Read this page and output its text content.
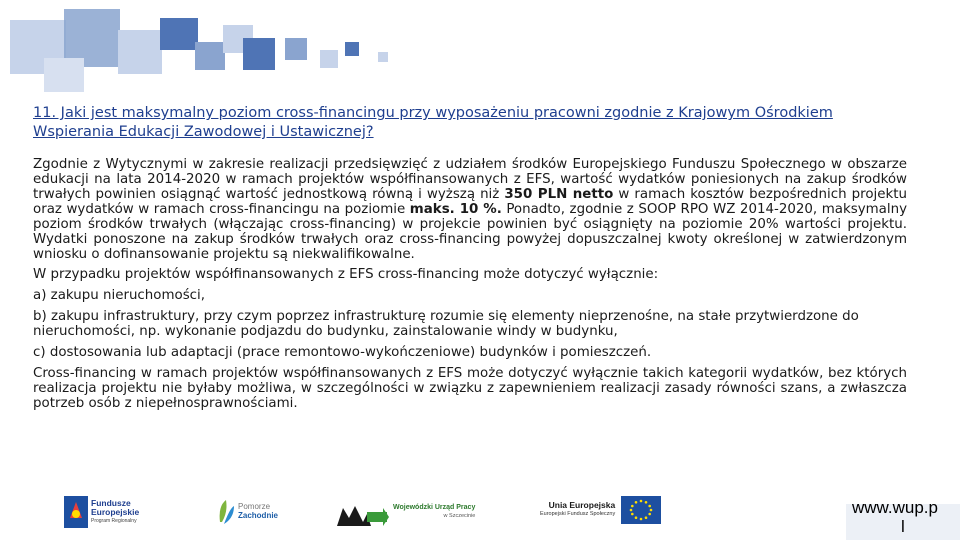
11. Jaki jest maksymalny poziom cross-financingu przy wyposażeniu pracowni zgodnie z Krajowym Ośrodkiem Wspierania Edukacji Zawodowej i Ustawicznej?

Zgodnie z Wytycznymi w zakresie realizacji przedsięwzięć z udziałem środków Europejskiego Funduszu Społecznego w obszarze edukacji na lata 2014-2020 w ramach projektów współfinansowanych z EFS, wartość wydatków poniesionych na zakup środków trwałych powinien osiągnąć wartość jednostkową równą i wyższą niż 350 PLN netto w ramach kosztów bezpośrednich projektu oraz wydatków w ramach cross-financingu na poziomie maks. 10 %. Ponadto, zgodnie z SOOP RPO WZ 2014-2020, maksymalny poziom środków trwałych (włączając cross-financing) w projekcie powinien być osiągnięty na poziomie 20% wartości projektu. Wydatki ponoszone na zakup środków trwałych oraz cross-financing powyżej dopuszczalnej kwoty określonej w zatwierdzonym wniosku o dofinansowanie projektu są niekwalifikowalne.

W przypadku projektów współfinansowanych z EFS cross-financing może dotyczyć wyłącznie:

a) zakupu nieruchomości,

b) zakupu infrastruktury, przy czym poprzez infrastrukturę rozumie się elementy nieprzenośne, na stałe przytwierdzone do nieruchomości, np. wykonanie podjazdu do budynku, zainstalowanie windy w budynku,

c) dostosowania lub adaptacji (prace remontowo-wykończeniowe) budynków i pomieszczeń.

Cross-financing w ramach projektów współfinansowanych z EFS może dotyczyć wyłącznie takich kategorii wydatków, bez których realizacja projektu nie byłaby możliwa, w szczególności w związku z zapewnieniem realizacji zasady równości szans, a zwłaszcza potrzeb osób z niepełnosprawnościami.

Fundusze
Europejskie
Program Regionalny
Pomorze
Zachodnie
Wojewódzki Urząd Pracy
w Szczecinie
Unia Europejska
Europejski Fundusz Społeczny	www.wup.p
l
